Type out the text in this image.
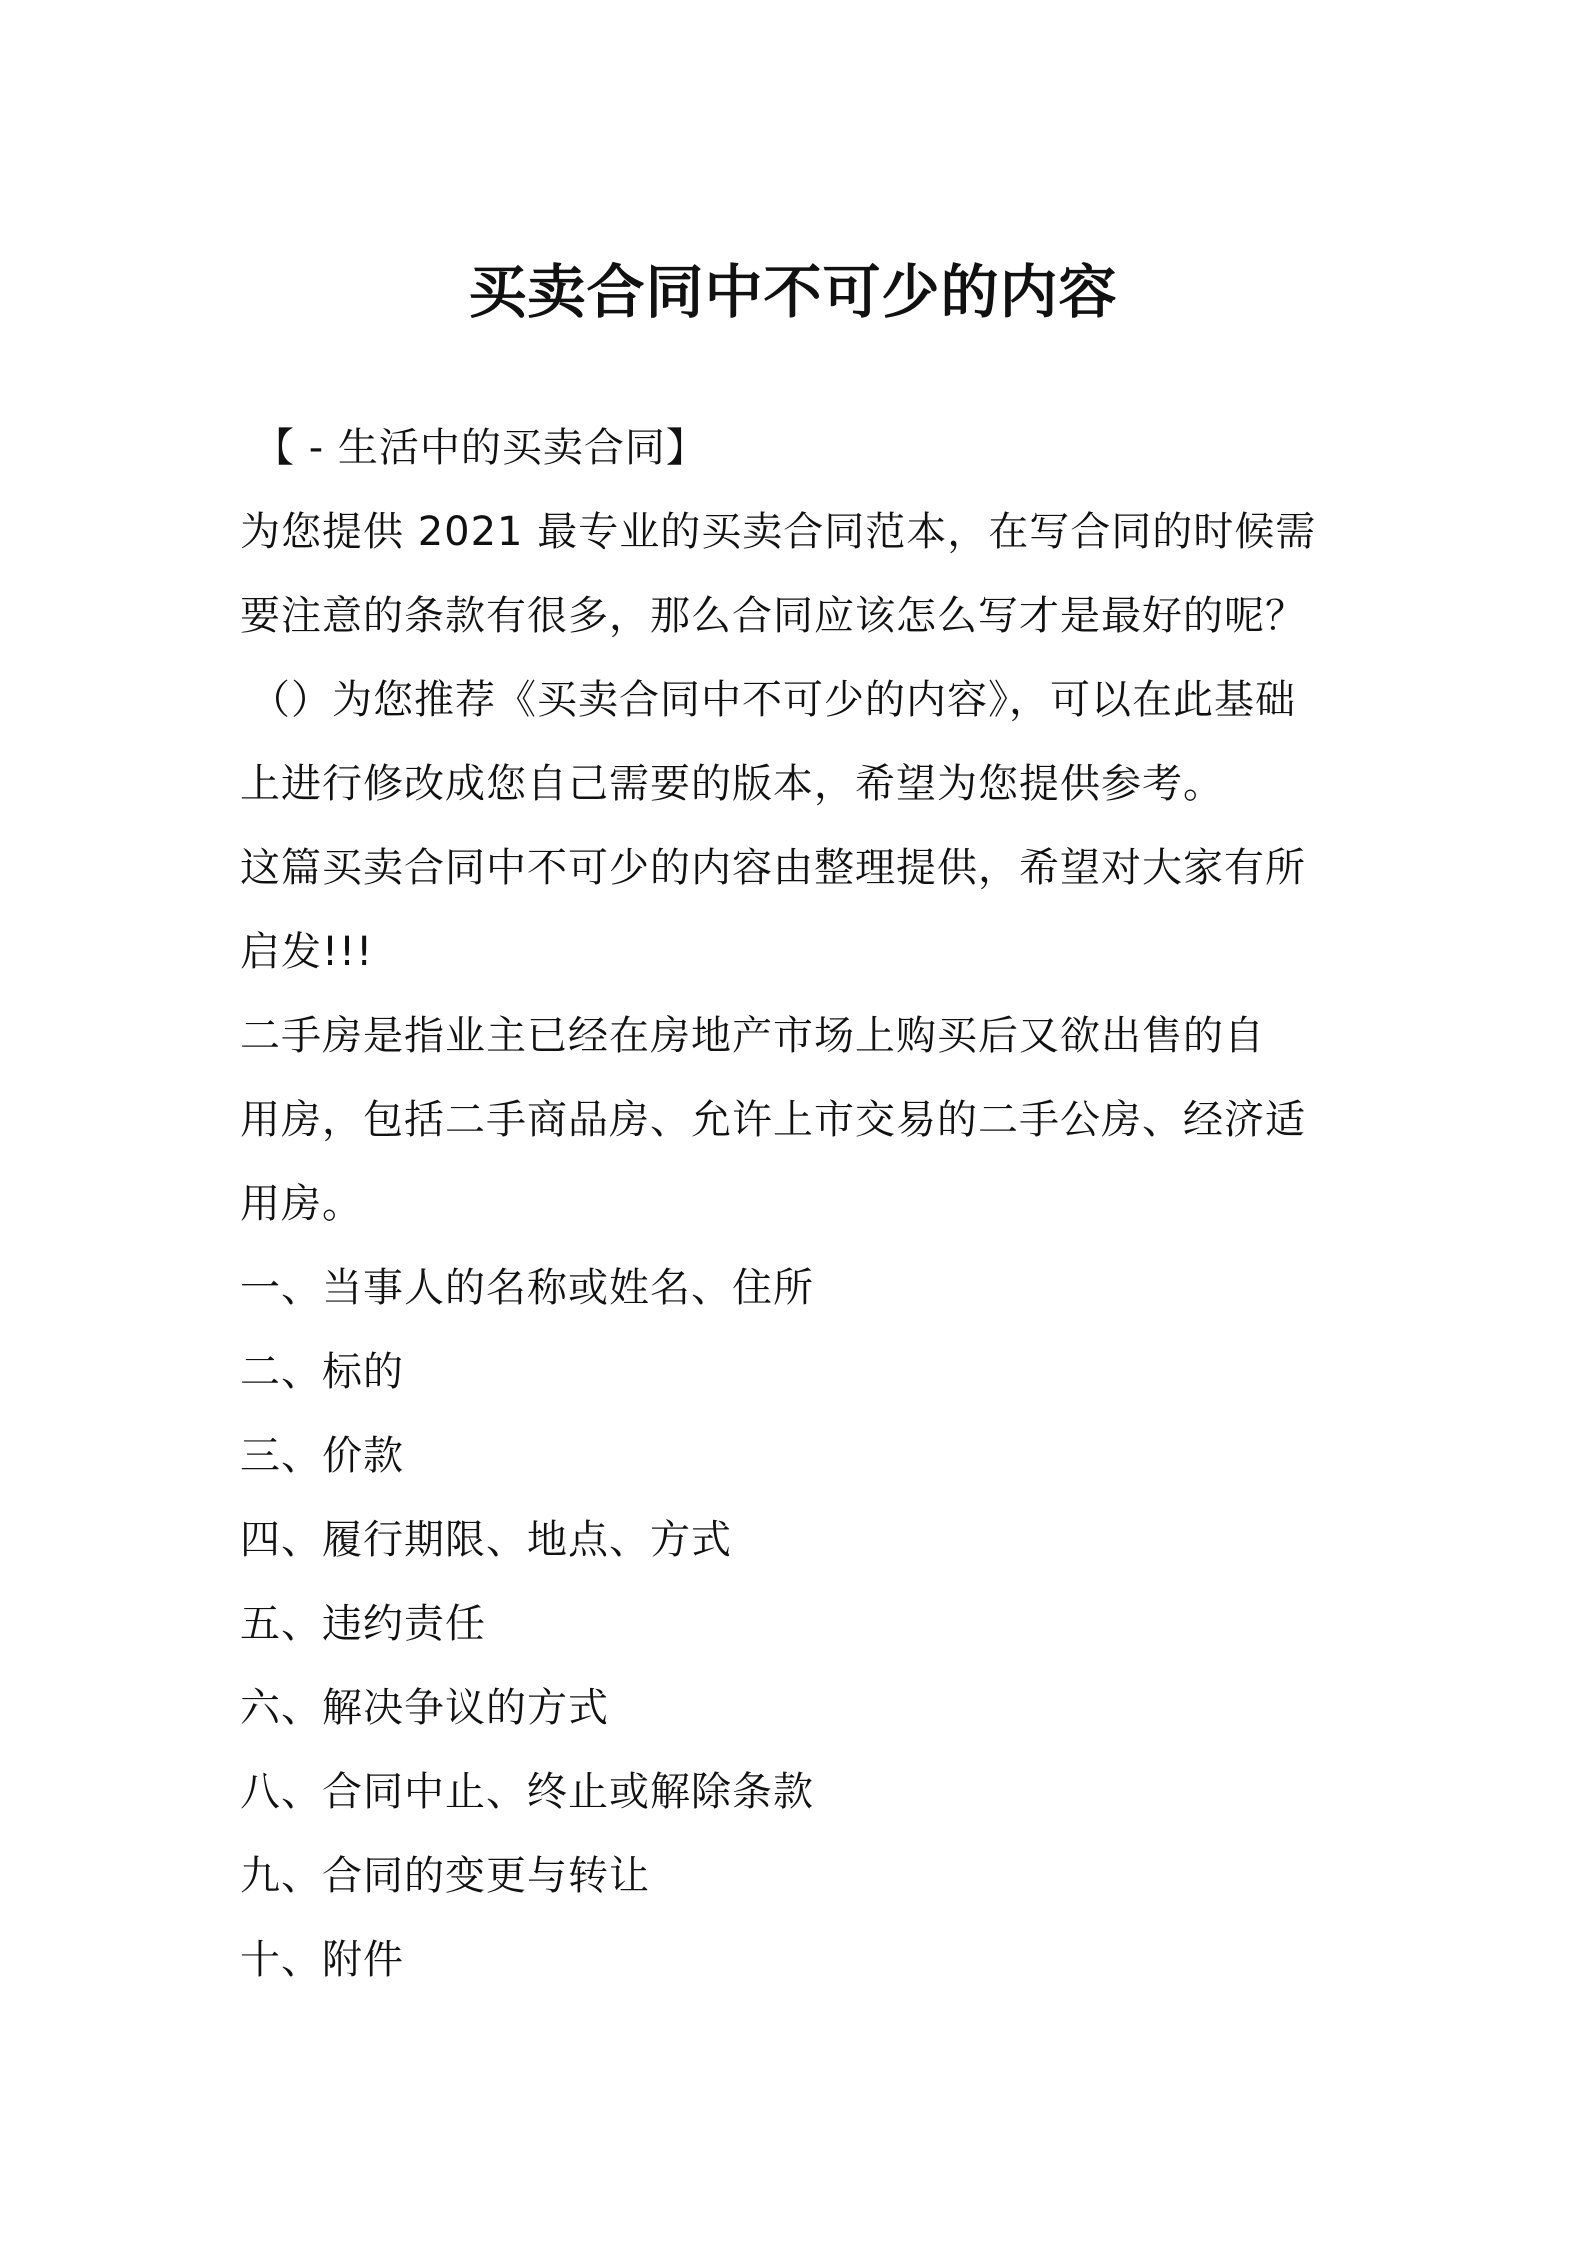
买卖合同中不可少的内容
【 - 生活中的买卖合同】
为您提供 2021 最专业的买卖合同范本，在写合同的时候需
要注意的条款有很多，那么合同应该怎么写才是最好的呢？
（）为您推荐《买卖合同中不可少的内容》，可以在此基础
上进行修改成您自己需要的版本，希望为您提供参考。
这篇买卖合同中不可少的内容由整理提供，希望对大家有所
启发!!!
二手房是指业主已经在房地产市场上购买后又欲出售的自
用房，包括二手商品房、允许上市交易的二手公房、经济适
用房。
一、当事人的名称或姓名、住所
二、标的
三、价款
四、履行期限、地点、方式
五、违约责任
六、解决争议的方式
八、合同中止、终止或解除条款
九、合同的变更与转让
十、附件
